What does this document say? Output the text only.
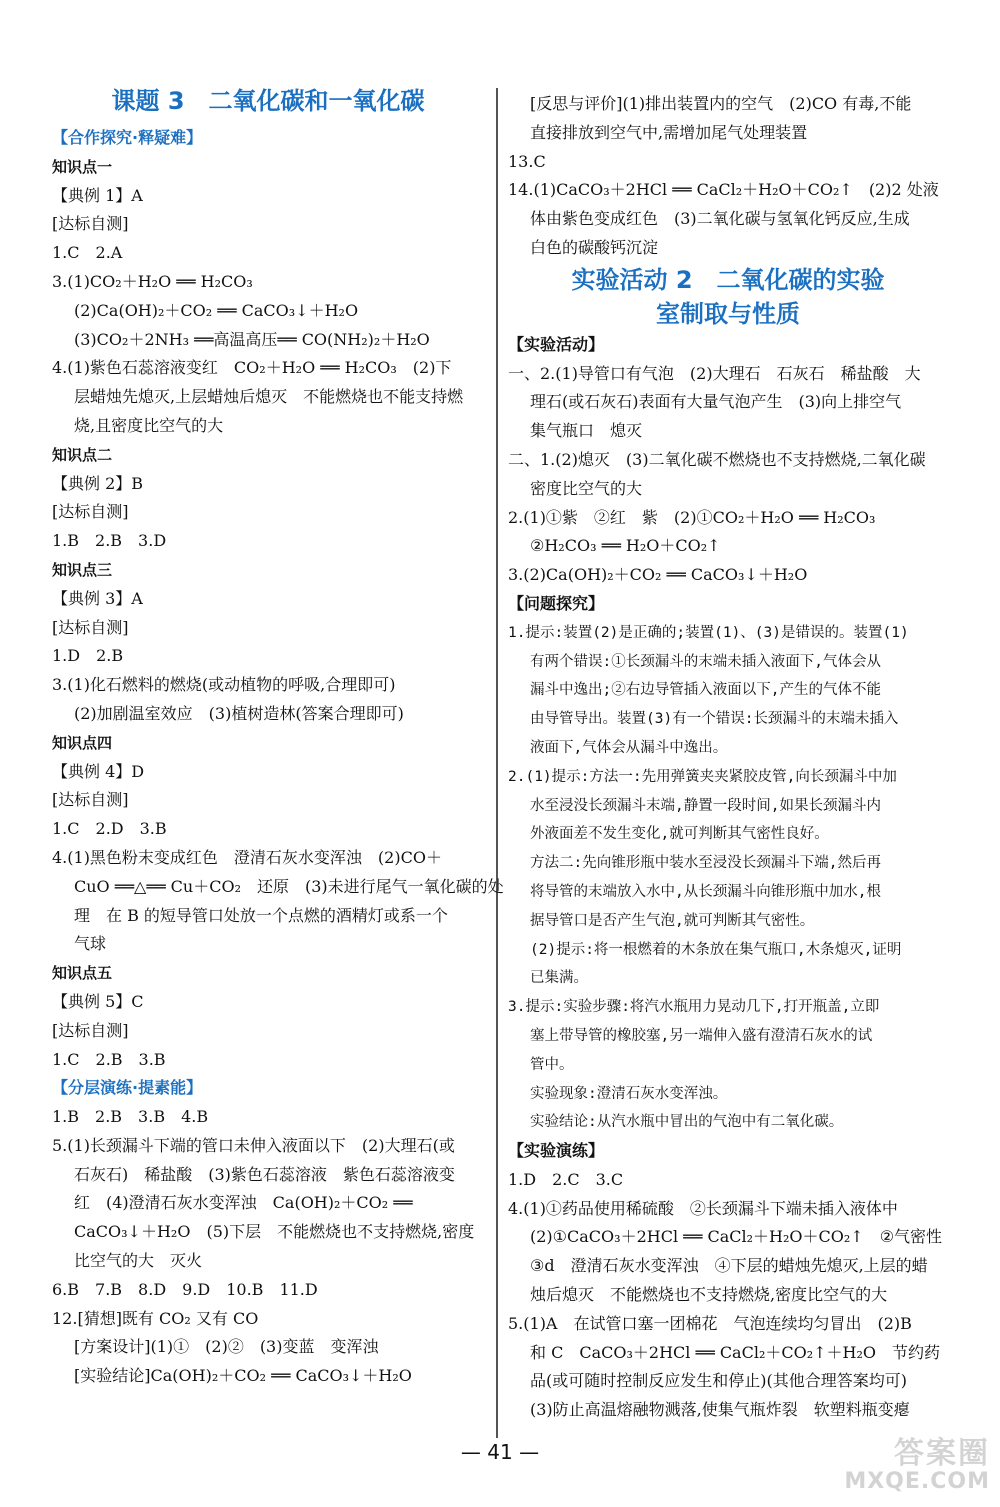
课题 3　二氧化碳和一氧化碳
【合作探究·释疑难】
知识点一
【典例 1】A
[达标自测]
1.C　2.A
3.(1)CO₂＋H₂O ══ H₂CO₃
(2)Ca(OH)₂＋CO₂ ══ CaCO₃↓＋H₂O
(3)CO₂＋2NH₃ ══高温高压══ CO(NH₂)₂＋H₂O
4.(1)紫色石蕊溶液变红　CO₂＋H₂O ══ H₂CO₃　(2)下
层蜡烛先熄灭,上层蜡烛后熄灭　不能燃烧也不能支持燃
烧,且密度比空气的大
知识点二
【典例 2】B
[达标自测]
1.B　2.B　3.D
知识点三
【典例 3】A
[达标自测]
1.D　2.B
3.(1)化石燃料的燃烧(或动植物的呼吸,合理即可)
(2)加剧温室效应　(3)植树造林(答案合理即可)
知识点四
【典例 4】D
[达标自测]
1.C　2.D　3.B
4.(1)黑色粉末变成红色　澄清石灰水变浑浊　(2)CO＋
CuO ══△══ Cu＋CO₂　还原　(3)未进行尾气一氧化碳的处
理　在 B 的短导管口处放一个点燃的酒精灯或系一个
气球
知识点五
【典例 5】C
[达标自测]
1.C　2.B　3.B
【分层演练·提素能】
1.B　2.B　3.B　4.B
5.(1)长颈漏斗下端的管口未伸入液面以下　(2)大理石(或
石灰石)　稀盐酸　(3)紫色石蕊溶液　紫色石蕊溶液变
红　(4)澄清石灰水变浑浊　Ca(OH)₂＋CO₂ ══
CaCO₃↓＋H₂O　(5)下层　不能燃烧也不支持燃烧,密度
比空气的大　灭火
6.B　7.B　8.D　9.D　10.B　11.D
12.[猜想]既有 CO₂ 又有 CO
[方案设计](1)①　(2)②　(3)变蓝　变浑浊
[实验结论]Ca(OH)₂＋CO₂ ══ CaCO₃↓＋H₂O
[反思与评价](1)排出装置内的空气　(2)CO 有毒,不能
直接排放到空气中,需增加尾气处理装置
13.C
14.(1)CaCO₃＋2HCl ══ CaCl₂＋H₂O＋CO₂↑　(2)2 处液
体由紫色变成红色　(3)二氧化碳与氢氧化钙反应,生成
白色的碳酸钙沉淀
实验活动 2　二氧化碳的实验
室制取与性质
【实验活动】
一、2.(1)导管口有气泡　(2)大理石　石灰石　稀盐酸　大
理石(或石灰石)表面有大量气泡产生　(3)向上排空气
集气瓶口　熄灭
二、1.(2)熄灭　(3)二氧化碳不燃烧也不支持燃烧,二氧化碳
密度比空气的大
2.(1)①紫　②红　紫　(2)①CO₂＋H₂O ══ H₂CO₃
②H₂CO₃ ══ H₂O＋CO₂↑
3.(2)Ca(OH)₂＋CO₂ ══ CaCO₃↓＋H₂O
【问题探究】
1.提示:装置(2)是正确的;装置(1)、(3)是错误的。装置(1)
有两个错误:①长颈漏斗的末端未插入液面下,气体会从
漏斗中逸出;②右边导管插入液面以下,产生的气体不能
由导管导出。装置(3)有一个错误:长颈漏斗的末端未插入
液面下,气体会从漏斗中逸出。
2.(1)提示:方法一:先用弹簧夹夹紧胶皮管,向长颈漏斗中加
水至浸没长颈漏斗末端,静置一段时间,如果长颈漏斗内
外液面差不发生变化,就可判断其气密性良好。
方法二:先向锥形瓶中装水至浸没长颈漏斗下端,然后再
将导管的末端放入水中,从长颈漏斗向锥形瓶中加水,根
据导管口是否产生气泡,就可判断其气密性。
(2)提示:将一根燃着的木条放在集气瓶口,木条熄灭,证明
已集满。
3.提示:实验步骤:将汽水瓶用力晃动几下,打开瓶盖,立即
塞上带导管的橡胶塞,另一端伸入盛有澄清石灰水的试
管中。
实验现象:澄清石灰水变浑浊。
实验结论:从汽水瓶中冒出的气泡中有二氧化碳。
【实验演练】
1.D　2.C　3.C
4.(1)①药品使用稀硫酸　②长颈漏斗下端未插入液体中
(2)①CaCO₃＋2HCl ══ CaCl₂＋H₂O＋CO₂↑　②气密性
③d　澄清石灰水变浑浊　④下层的蜡烛先熄灭,上层的蜡
烛后熄灭　不能燃烧也不支持燃烧,密度比空气的大
5.(1)A　在试管口塞一团棉花　气泡连续均匀冒出　(2)B
和 C　CaCO₃＋2HCl ══ CaCl₂＋CO₂↑＋H₂O　节约药
品(或可随时控制反应发生和停止)(其他合理答案均可)
(3)防止高温熔融物溅落,使集气瓶炸裂　软塑料瓶变瘪
— 41 —	答案圈
MXQE.COM
